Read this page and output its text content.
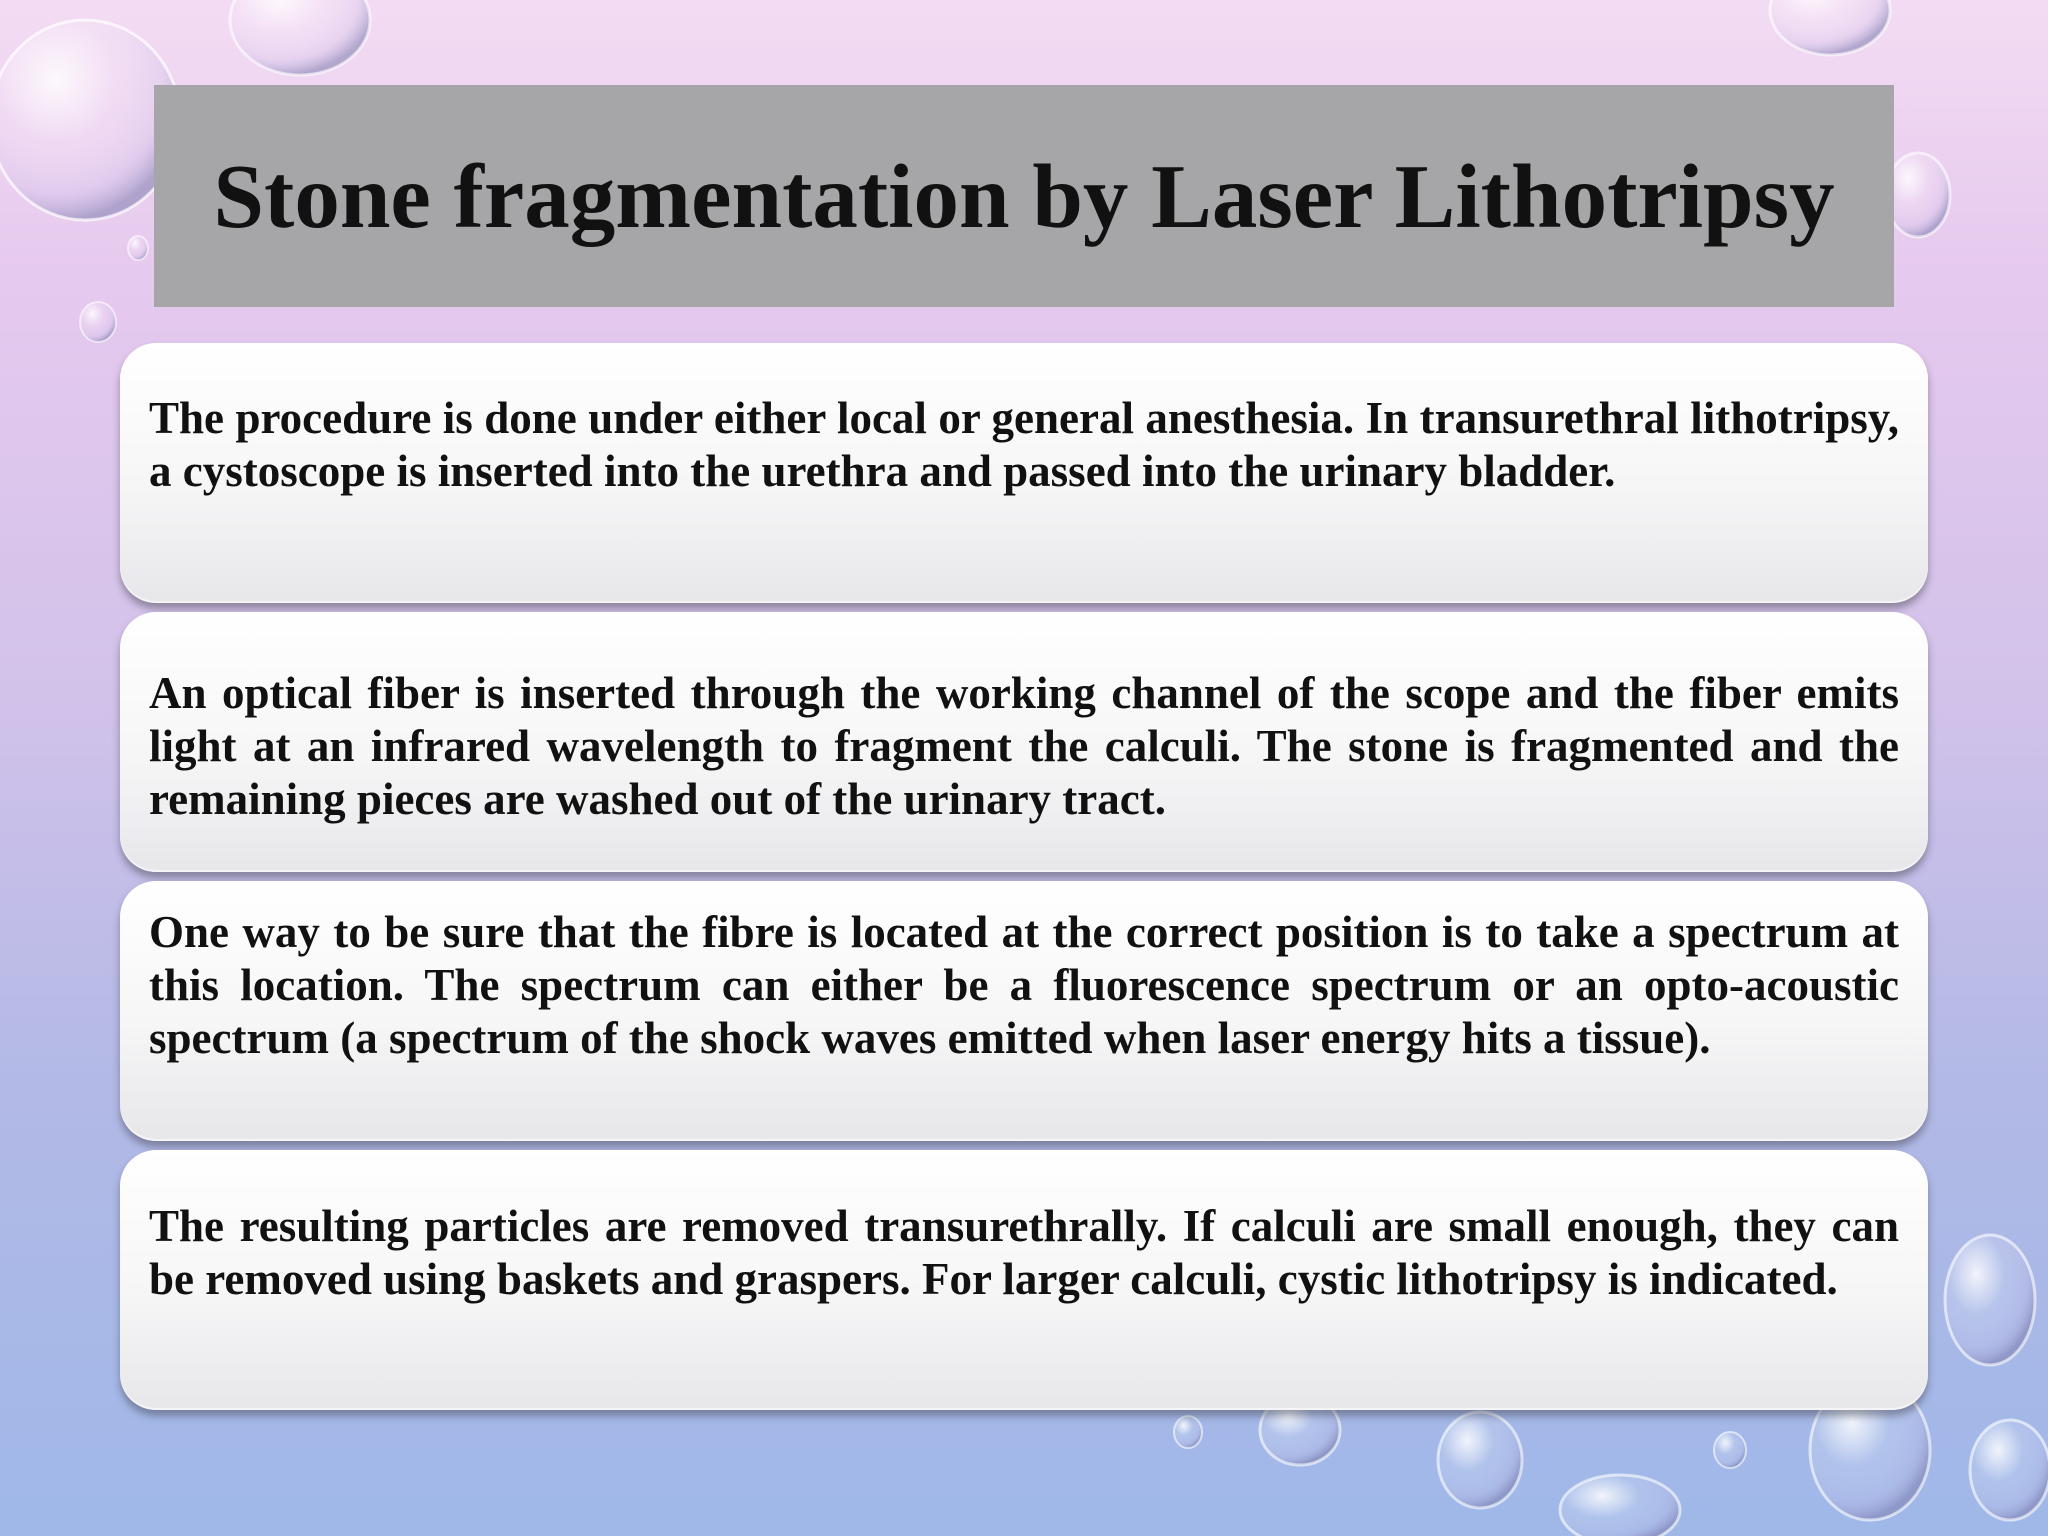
Stone fragmentation by Laser Lithotripsy

The procedure is done under either local or general anesthesia. In transurethral lithotripsy, a cystoscope is inserted into the urethra and passed into the urinary bladder.

An optical fiber is inserted through the working channel of the scope and the fiber emits light at an infrared wavelength to fragment the calculi. The stone is fragmented and the remaining pieces are washed out of the urinary tract.

One way to be sure that the fibre is located at the correct position is to take a spectrum at this location. The spectrum can either be a fluorescence spectrum or an opto-acoustic spectrum (a spectrum of the shock waves emitted when laser energy hits a tissue).

The resulting particles are removed transurethrally. If calculi are small enough, they can be removed using baskets and graspers. For larger calculi, cystic lithotripsy is indicated.
